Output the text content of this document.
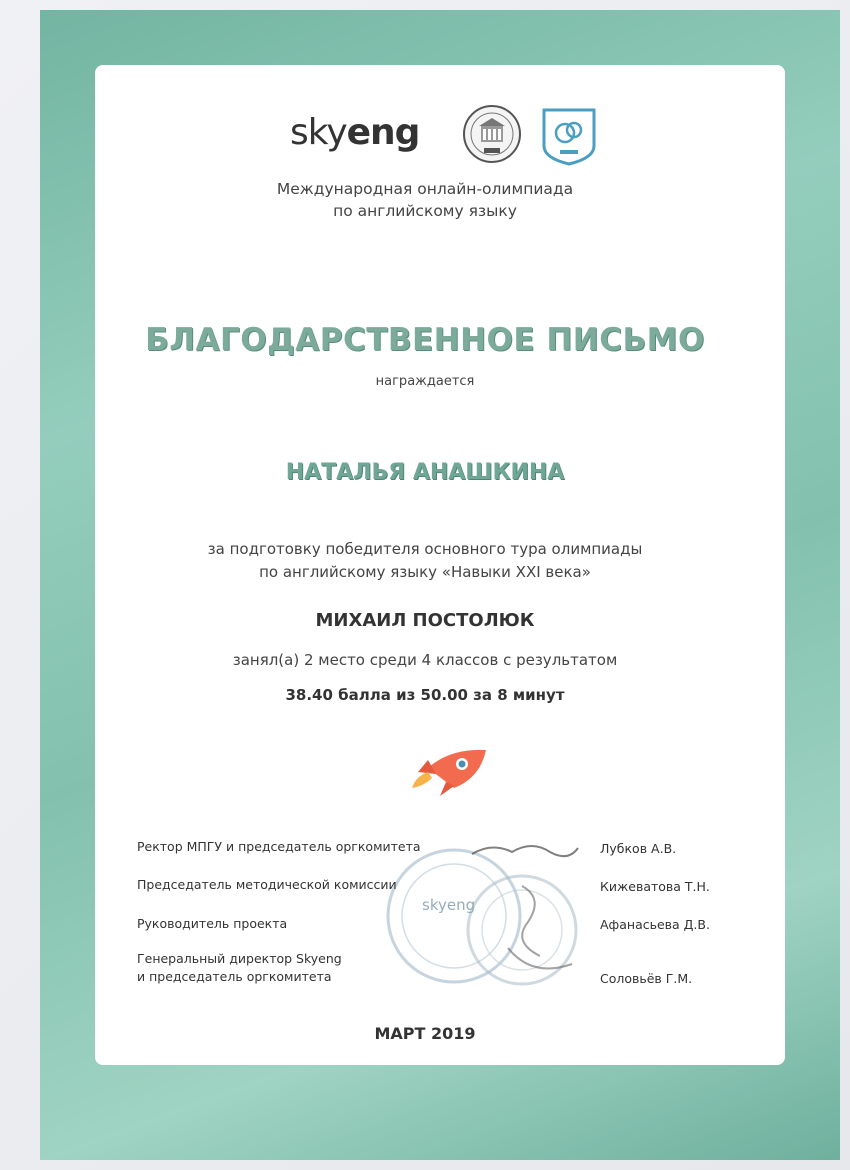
skyeng
Международная онлайн-олимпиада
по английскому языку
БЛАГОДАРСТВЕННОЕ ПИСЬМО
награждается
НАТАЛЬЯ АНАШКИНА
за подготовку победителя основного тура олимпиады
по английскому языку «Навыки XXI века»
МИХАИЛ ПОСТОЛЮК
занял(а) 2 место среди 4 классов с результатом
38.40 балла из 50.00 за 8 минут
skyeng
Ректор МПГУ и председатель оргкомитета	Лубков А.В.
Председатель методической комиссии	Кижеватова Т.Н.
Руководитель проекта	Афанасьева Д.В.
Генеральный директор Skyeng
и председатель оргкомитета	Соловьёв Г.М.
МАРТ 2019
